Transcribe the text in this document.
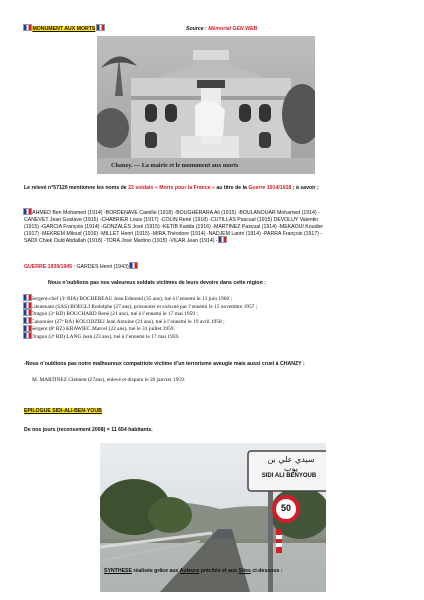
MONUMENT AUX MORTS	Source : Mémorial GEN WEB
Chanzy. — La mairie et le monument aux morts
Le relevé n°57120 mentionne les noms de 22 soldats « Morts pour la France » au titre de la Guerre 1914/1918 ; à savoir ;
AHMED Ben Mohamed (1914) -BORDENAVE Camille (1918) -BOUGHÉRARA Ali (1915) -BOULANOUAR Mohamed (1914) -
CANEVET Jean Gustave (1915) -CHABRIER Louis (1917) -COLIN René (1918) -CUTILLAS Pascual (1915) DEVOLUY Valentin
(1915) -GARCIA François (1914) -GONZALÈS José (1915) -KETIB Kadda (1916) -MARTINEZ Pascual (1914) -MEKAOUI Kouider
(1917) -MEKREM Miloud (1916) -MILLET Henri (1915) -MIRA Théodore (1914) -NADJEM Lantri (1914) -PARRA François (1917) -
SAÏDI Chiek Ould Abdallah (1918) -TORA José Martino (1915) -VILAR Jean (1914) -
GUERRE 1939/1945 : GARDES Henri (1943)
Nous n’oublions pas nos valeureux soldats victimes de leurs devoirs dans cette région :
Sergent-chef (3ᵉ RIA) BOCHEREAU Jean Edmond (35 ans), tué à l’ennemi le 13 juin 1960 ;
Lieutenant (SAS) BOEGLI Rodolphe (27 ans), prisonnier et exécuté par l’ennemi le 15 novembre 1957 ;
Dragon (2ᵉ RD) BOUCHARD René (21 ans), tué à l’ennemi le 17 mai 1959 ;
Canonnier (27ᵉ RA) KOLODZIEJ Jean Antoine (21 ans), tué à l’ennemi le 19 avril 1958 ;
Sergent (8ᵉ RZ) KRAWIEC Marcel (22 ans), tué le 31 juillet 1959.
Dragon (2ᵉ RD) LANG Jean (23 ans), tué à l’ennemi le 17 mai 1959.
-Nous n’oublions pas notre malheureux compatriote victime d’un terrorisme aveugle mais aussi cruel à CHANZY :
M. MARTINEZ Clément (27ans), enlevé et disparu le 26 janvier 1959.
EPILOGUE SIDI-ALI-BEN-YOUB
De nos jours (recensement 2008) = 11 654 habitants.
سيدي علي بن يوب
SIDI ALI BENYOUB
50
SYNTHESE réalisée grâce aux Auteurs précités et aux Sites ci-dessous :
